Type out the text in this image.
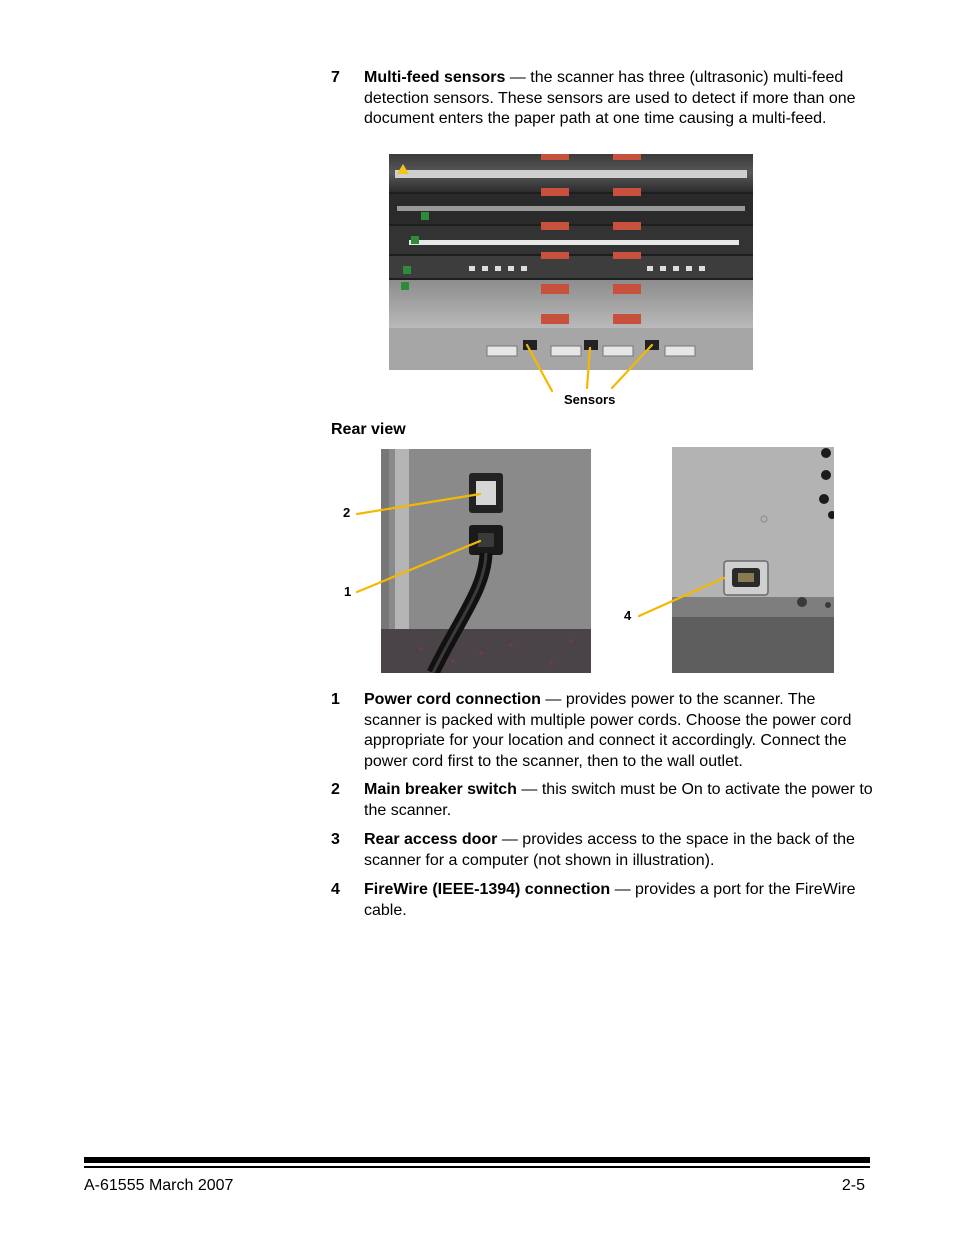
7 Multi-feed sensors — the scanner has three (ultrasonic) multi-feed detection sensors. These sensors are used to detect if more than one document enters the paper path at one time causing a multi-feed.
Sensors
Rear view
2
1
4
1 Power cord connection — provides power to the scanner. The scanner is packed with multiple power cords. Choose the power cord appropriate for your location and connect it accordingly. Connect the power cord first to the scanner, then to the wall outlet.
2 Main breaker switch — this switch must be On to activate the power to the scanner.
3 Rear access door — provides access to the space in the back of the scanner for a computer (not shown in illustration).
4 FireWire (IEEE-1394) connection — provides a port for the FireWire cable.
A-61555 March 2007	2-5
